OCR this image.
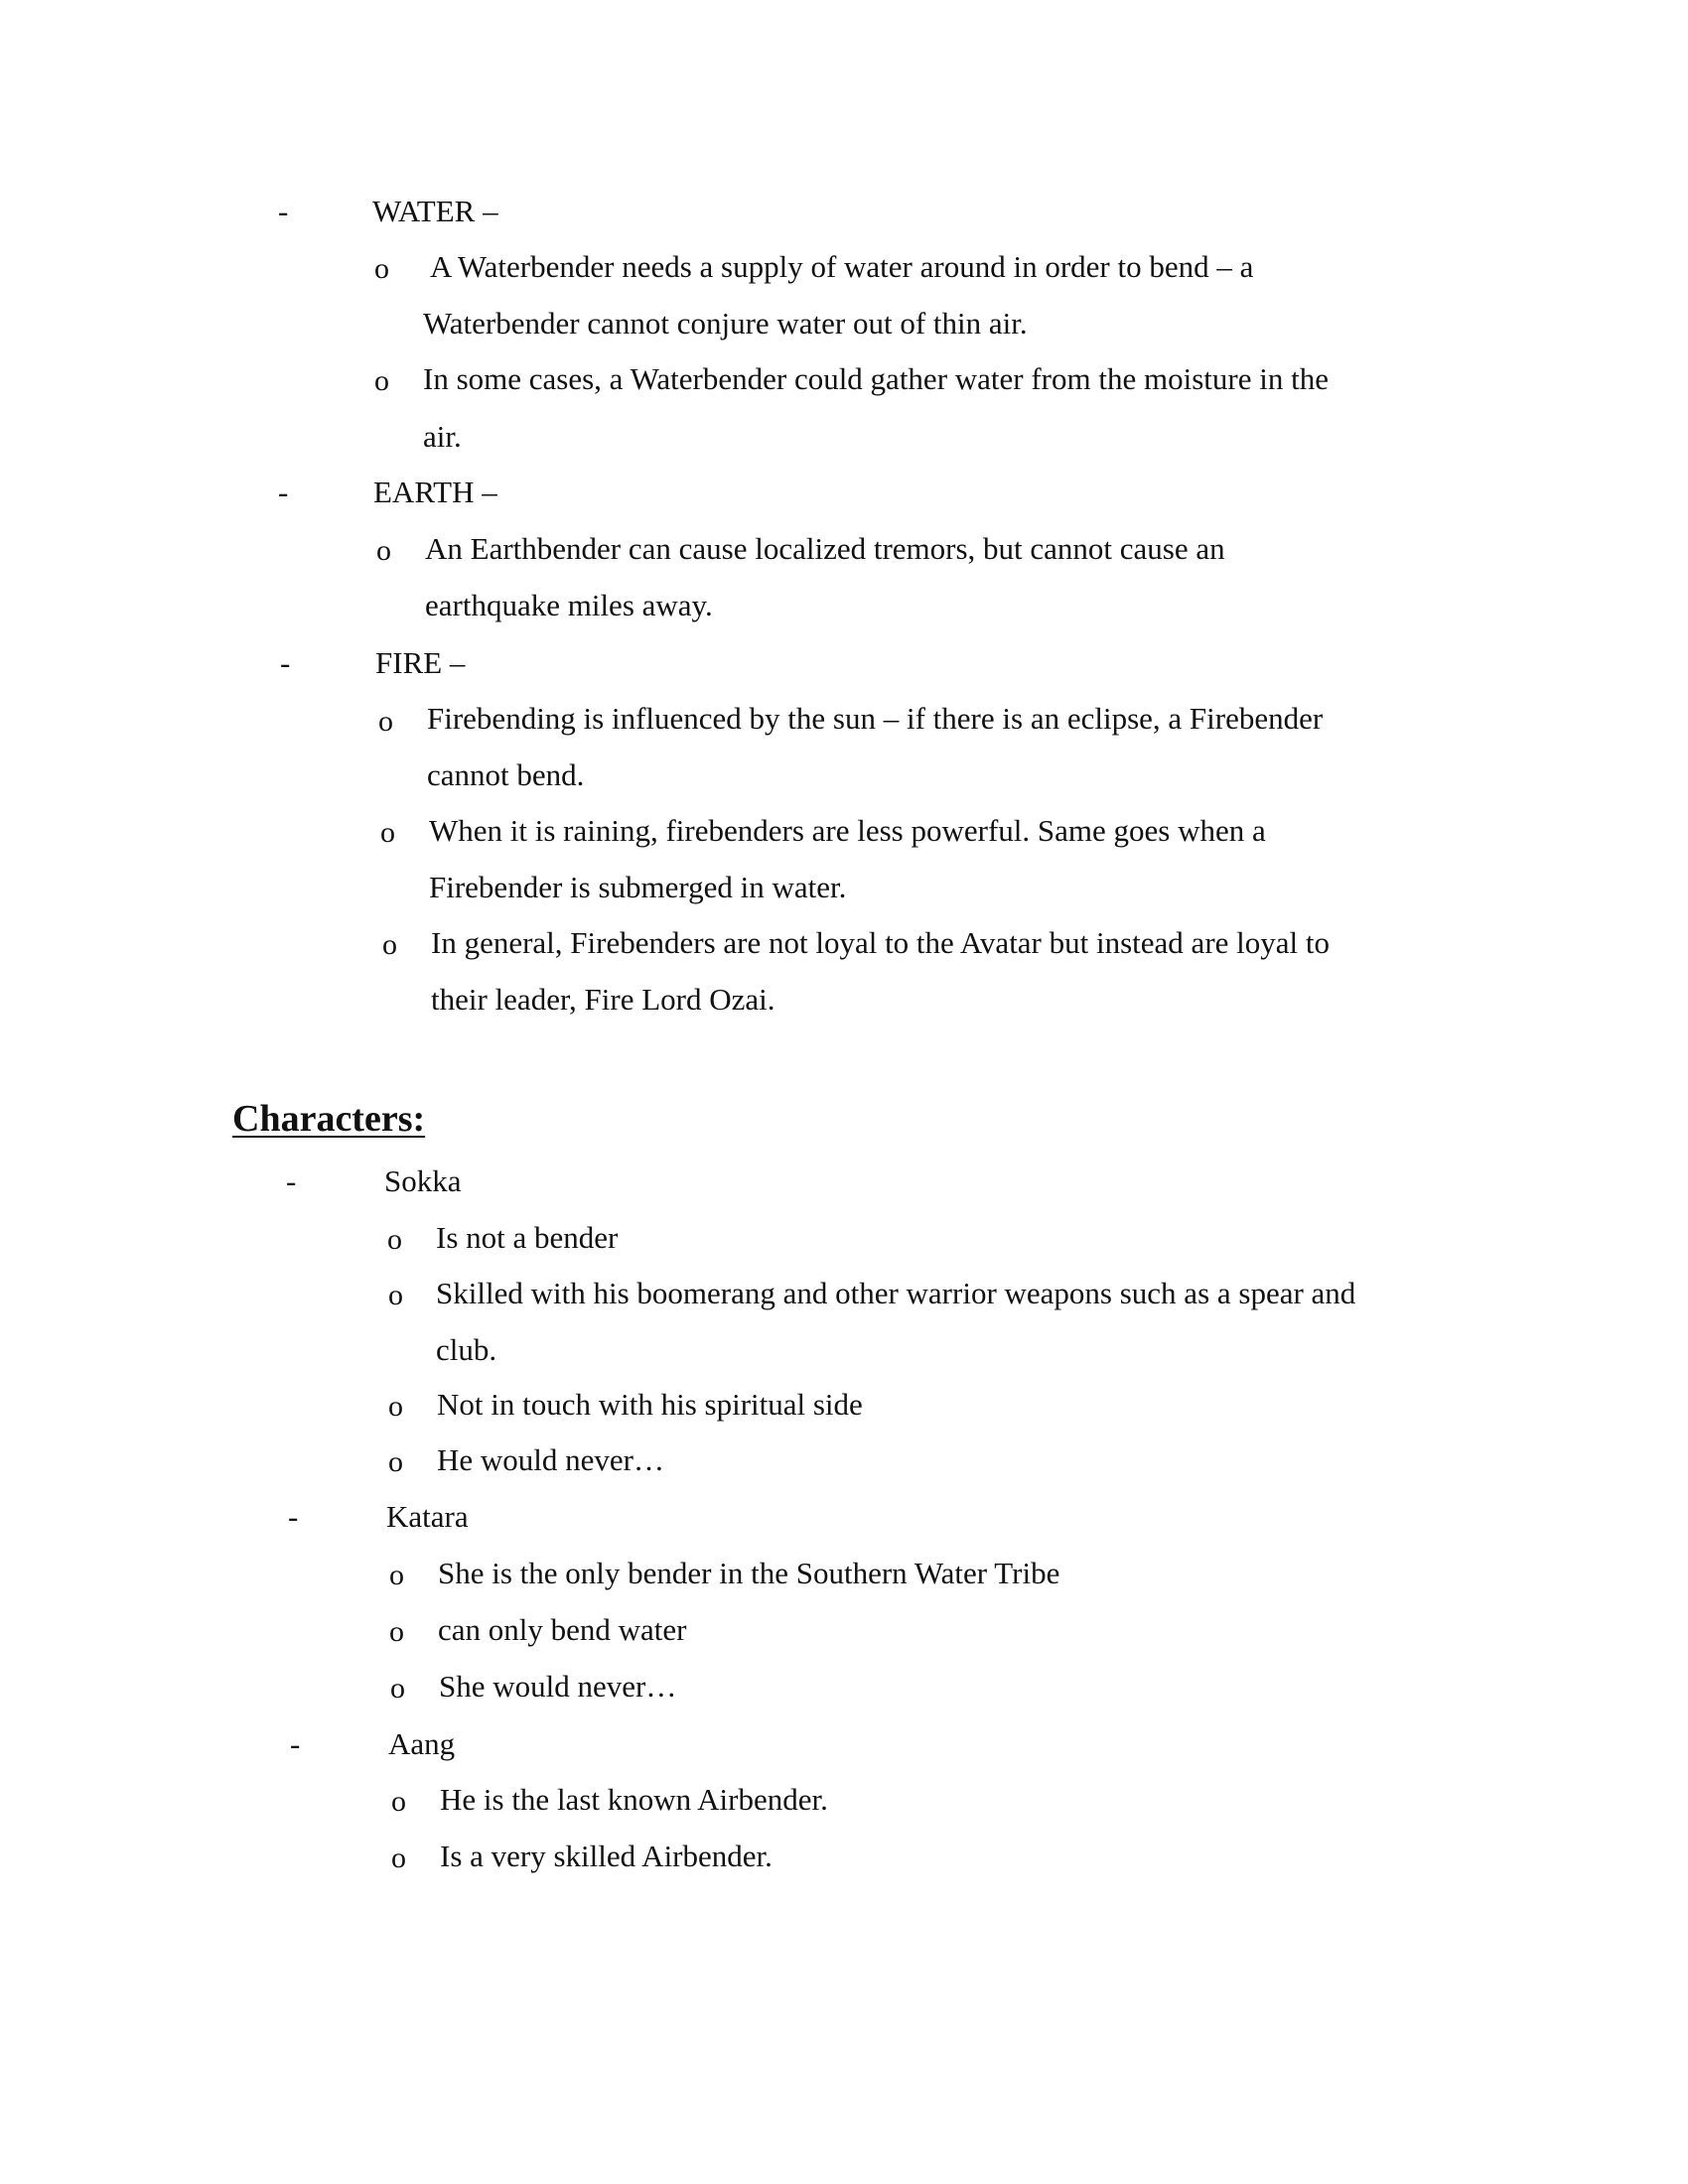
-	WATER –
o A Waterbender needs a supply of water around in order to bend – a
Waterbender cannot conjure water out of thin air.
o In some cases, a Waterbender could gather water from the moisture in the
air.
-	EARTH –
o An Earthbender can cause localized tremors, but cannot cause an
earthquake miles away.
-	FIRE –
o Firebending is influenced by the sun – if there is an eclipse, a Firebender
cannot bend.
o When it is raining, firebenders are less powerful. Same goes when a
Firebender is submerged in water.
o In general, Firebenders are not loyal to the Avatar but instead are loyal to
their leader, Fire Lord Ozai.
Characters:
-	Sokka
o Is not a bender
o Skilled with his boomerang and other warrior weapons such as a spear and
club.
o Not in touch with his spiritual side
o He would never…
-	Katara
o She is the only bender in the Southern Water Tribe
o can only bend water
o She would never…
-	Aang
o He is the last known Airbender.
o Is a very skilled Airbender.
